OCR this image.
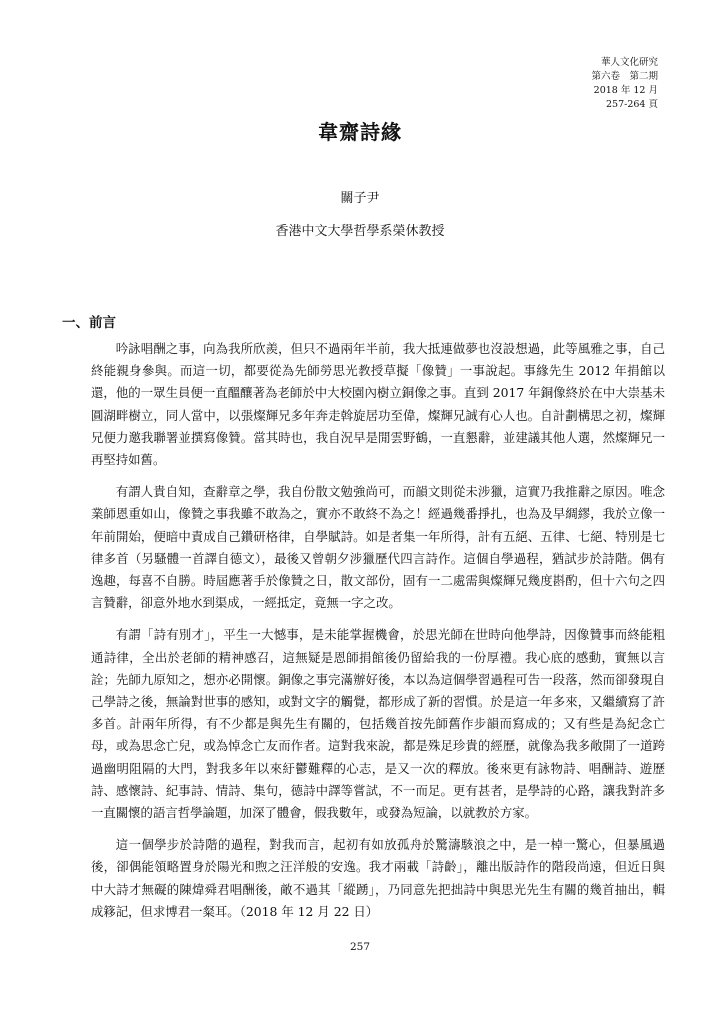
華人文化研究
第六卷　第二期
2018 年 12 月
257-264 頁
韋齋詩緣
關子尹
香港中文大學哲學系榮休教授
一、前言

吟詠唱酬之事，向為我所欣羨，但只不過兩年半前，我大抵連做夢也沒設想過，此等風雅之事，自己終能親身參與。而這一切，都要從為先師勞思光教授草擬「像贊」一事說起。事緣先生 2012 年捐館以還，他的一眾生員便一直醞釀著為老師於中大校園內樹立銅像之事。直到 2017 年銅像終於在中大崇基未圓湖畔樹立，同人當中，以張燦輝兄多年奔走斡旋居功至偉，燦輝兄誠有心人也。自計劃構思之初，燦輝兄便力邀我聯署並撰寫像贊。當其時也，我自況早是閒雲野鶴，一直懇辭，並建議其他人選，然燦輝兄一再堅持如舊。

有謂人貴自知，查辭章之學，我自份散文勉強尚可，而韻文則從未涉獵，這實乃我推辭之原因。唯念業師恩重如山，像贊之事我雖不敢為之，實亦不敢終不為之！經過幾番掙扎，也為及早綢繆，我於立像一年前開始，便暗中責成自己鑽研格律，自學賦詩。如是者集一年所得，計有五絕、五律、七絕、特別是七律多首（另騷體一首譯自德文），最後又曾朝夕涉獵歷代四言詩作。這個自學過程，猶試步於詩階。偶有逸趣，每喜不自勝。時屆應著手於像贊之日，散文部份，固有一二處需與燦輝兄幾度斟酌，但十六句之四言贊辭，卻意外地水到渠成，一經抵定，竟無一字之改。

有謂「詩有別才」，平生一大憾事，是未能掌握機會，於思光師在世時向他學詩，因像贊事而終能粗通詩律，全出於老師的精神感召，這無疑是恩師捐館後仍留給我的一份厚禮。我心底的感動，實無以言詮；先師九原知之，想亦必開懷。銅像之事完滿辦好後，本以為這個學習過程可告一段落，然而卻發現自己學詩之後，無論對世事的感知，或對文字的觸覺，都形成了新的習慣。於是這一年多來，又繼續寫了許多首。計兩年所得，有不少都是與先生有關的，包括幾首按先師舊作步韻而寫成的；又有些是為紀念亡母，或為思念亡兒，或為悼念亡友而作者。這對我來說，都是殊足珍貴的經歷，就像為我多敞開了一道跨過幽明阻隔的大門，對我多年以來紆鬱難釋的心志，是又一次的釋放。後來更有詠物詩、唱酬詩、遊歷詩、感懷詩、紀事詩、情詩、集句，德詩中譯等嘗試，不一而足。更有甚者，是學詩的心路，讓我對許多一直關懷的語言哲學論題，加深了體會，假我數年，或發為短論，以就教於方家。

這一個學步於詩階的過程，對我而言，起初有如放孤舟於驚濤駭浪之中，是一棹一驚心，但暴風過後，卻偶能領略置身於陽光和煦之汪洋般的安逸。我才兩載「詩齡」，離出版詩作的階段尚遠，但近日與中大詩才無礙的陳煒舜君唱酬後，敵不過其「縱踴」，乃同意先把拙詩中與思光先生有關的幾首抽出，輯成簃記，但求博君一粲耳。（2018 年 12 月 22 日）

257
